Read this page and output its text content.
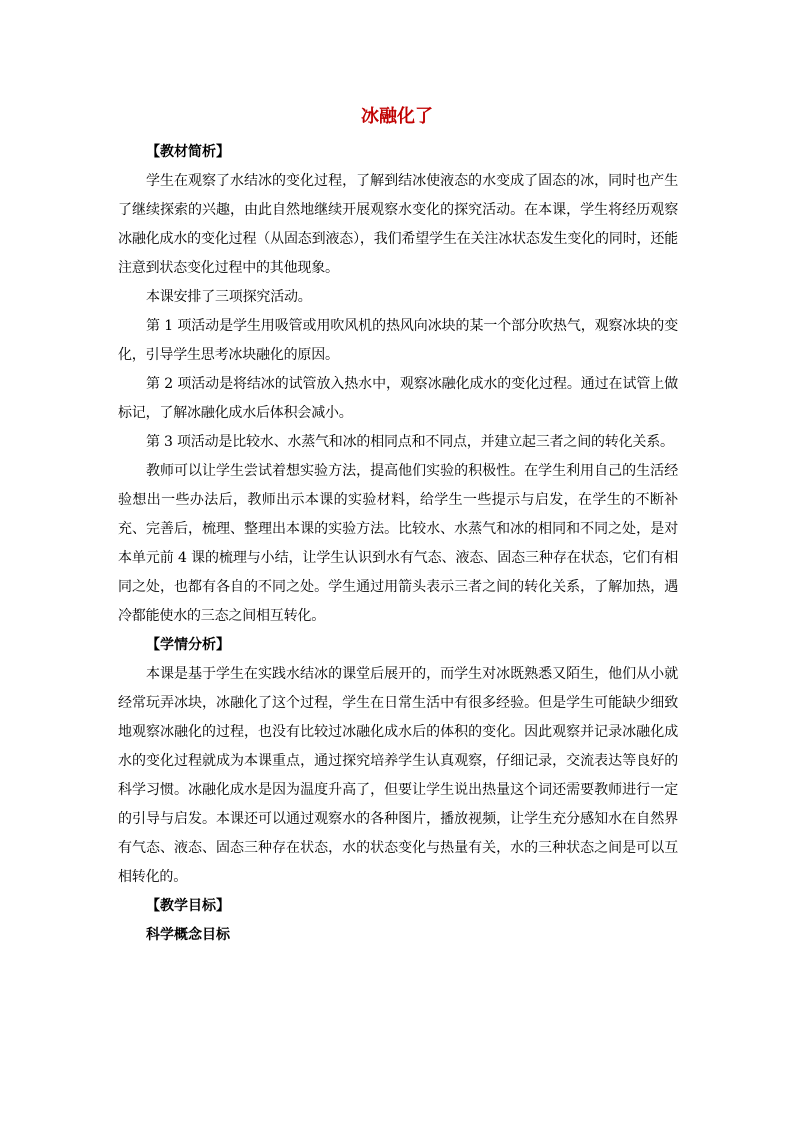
冰融化了

【教材简析】

学生在观察了水结冰的变化过程，了解到结冰使液态的水变成了固态的冰，同时也产生了继续探索的兴趣，由此自然地继续开展观察水变化的探究活动。在本课，学生将经历观察冰融化成水的变化过程（从固态到液态），我们希望学生在关注冰状态发生变化的同时，还能注意到状态变化过程中的其他现象。

本课安排了三项探究活动。

第 1 项活动是学生用吸管或用吹风机的热风向冰块的某一个部分吹热气，观察冰块的变化，引导学生思考冰块融化的原因。

第 2 项活动是将结冰的试管放入热水中，观察冰融化成水的变化过程。通过在试管上做标记，了解冰融化成水后体积会减小。

第 3 项活动是比较水、水蒸气和冰的相同点和不同点，并建立起三者之间的转化关系。

教师可以让学生尝试着想实验方法，提高他们实验的积极性。在学生利用自己的生活经验想出一些办法后，教师出示本课的实验材料，给学生一些提示与启发，在学生的不断补充、完善后，梳理、整理出本课的实验方法。比较水、水蒸气和冰的相同和不同之处，是对本单元前 4 课的梳理与小结，让学生认识到水有气态、液态、固态三种存在状态，它们有相同之处，也都有各自的不同之处。学生通过用箭头表示三者之间的转化关系，了解加热，遇冷都能使水的三态之间相互转化。

【学情分析】

本课是基于学生在实践水结冰的课堂后展开的，而学生对冰既熟悉又陌生，他们从小就经常玩弄冰块，冰融化了这个过程，学生在日常生活中有很多经验。但是学生可能缺少细致地观察冰融化的过程，也没有比较过冰融化成水后的体积的变化。因此观察并记录冰融化成水的变化过程就成为本课重点，通过探究培养学生认真观察，仔细记录，交流表达等良好的科学习惯。冰融化成水是因为温度升高了，但要让学生说出热量这个词还需要教师进行一定的引导与启发。本课还可以通过观察水的各种图片，播放视频，让学生充分感知水在自然界有气态、液态、固态三种存在状态，水的状态变化与热量有关，水的三种状态之间是可以互相转化的。

【教学目标】

科学概念目标
